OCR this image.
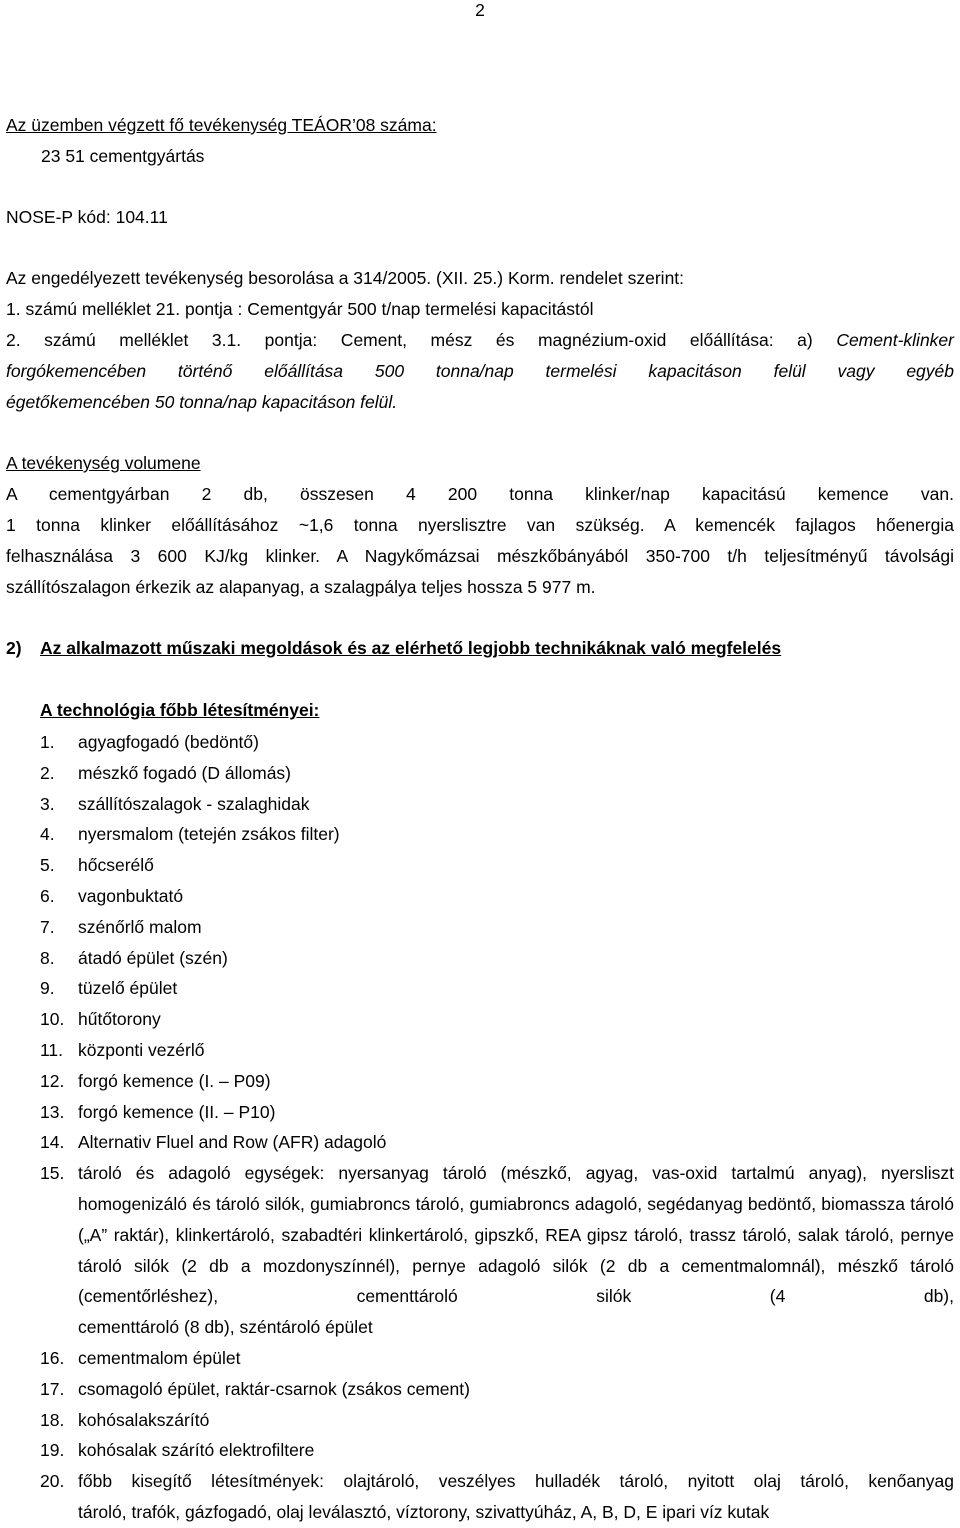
2
Az üzemben végzett fő tevékenység TEÁOR’08 száma:
23 51 cementgyártás
NOSE-P kód: 104.11
Az engedélyezett tevékenység besorolása a 314/2005. (XII. 25.) Korm. rendelet szerint:
1. számú melléklet 21. pontja : Cementgyár 500 t/nap termelési kapacitástól
2. számú melléklet 3.1. pontja: Cement, mész és magnézium-oxid előállítása: a) Cement-klinker
forgókemencében történő előállítása 500 tonna/nap termelési kapacitáson felül vagy egyéb
égetőkemencében 50 tonna/nap kapacitáson felül.
A tevékenység volumene
A cementgyárban 2 db, összesen 4 200 tonna klinker/nap kapacitású kemence van.
1 tonna klinker előállításához ~1,6 tonna nyerslisztre van szükség. A kemencék fajlagos hőenergia
felhasználása 3 600 KJ/kg klinker. A Nagykőmázsai mészkőbányából 350-700 t/h teljesítményű távolsági
szállítószalagon érkezik az alapanyag, a szalagpálya teljes hossza 5 977 m.
2) Az alkalmazott műszaki megoldások és az elérhető legjobb technikáknak való megfelelés
A technológia főbb létesítményei:
1. agyagfogadó (bedöntő)
2. mészkő fogadó (D állomás)
3. szállítószalagok - szalaghidak
4. nyersmalom (tetején zsákos filter)
5. hőcserélő
6. vagonbuktató
7. szénőrlő malom
8. átadó épület (szén)
9. tüzelő épület
10. hűtőtorony
11. központi vezérlő
12. forgó kemence (I. – P09)
13. forgó kemence (II. – P10)
14. Alternativ Fluel and Row (AFR) adagoló
15. tároló és adagoló egységek: nyersanyag tároló (mészkő, agyag, vas-oxid tartalmú anyag), nyersliszt homogenizáló és tároló silók, gumiabroncs tároló, gumiabroncs adagoló, segédanyag bedöntő, biomassza tároló („A” raktár), klinkertároló, szabadtéri klinkertároló, gipszkő, REA gipsz tároló, trassz tároló, salak tároló, pernye tároló silók (2 db a mozdonyszínnél), pernye adagoló silók (2 db a cementmalomnál), mészkő tároló (cementőrléshez), cementtároló silók (4 db),
cementtároló (8 db), széntároló épület
16. cementmalom épület
17. csomagoló épület, raktár-csarnok (zsákos cement)
18. kohósalakszárító
19. kohósalak szárító elektrofiltere
20. főbb kisegítő létesítmények: olajtároló, veszélyes hulladék tároló, nyitott olaj tároló, kenőanyag
tároló, trafók, gázfogadó, olaj leválasztó, víztorony, szivattyúház, A, B, D, E ipari víz kutak
